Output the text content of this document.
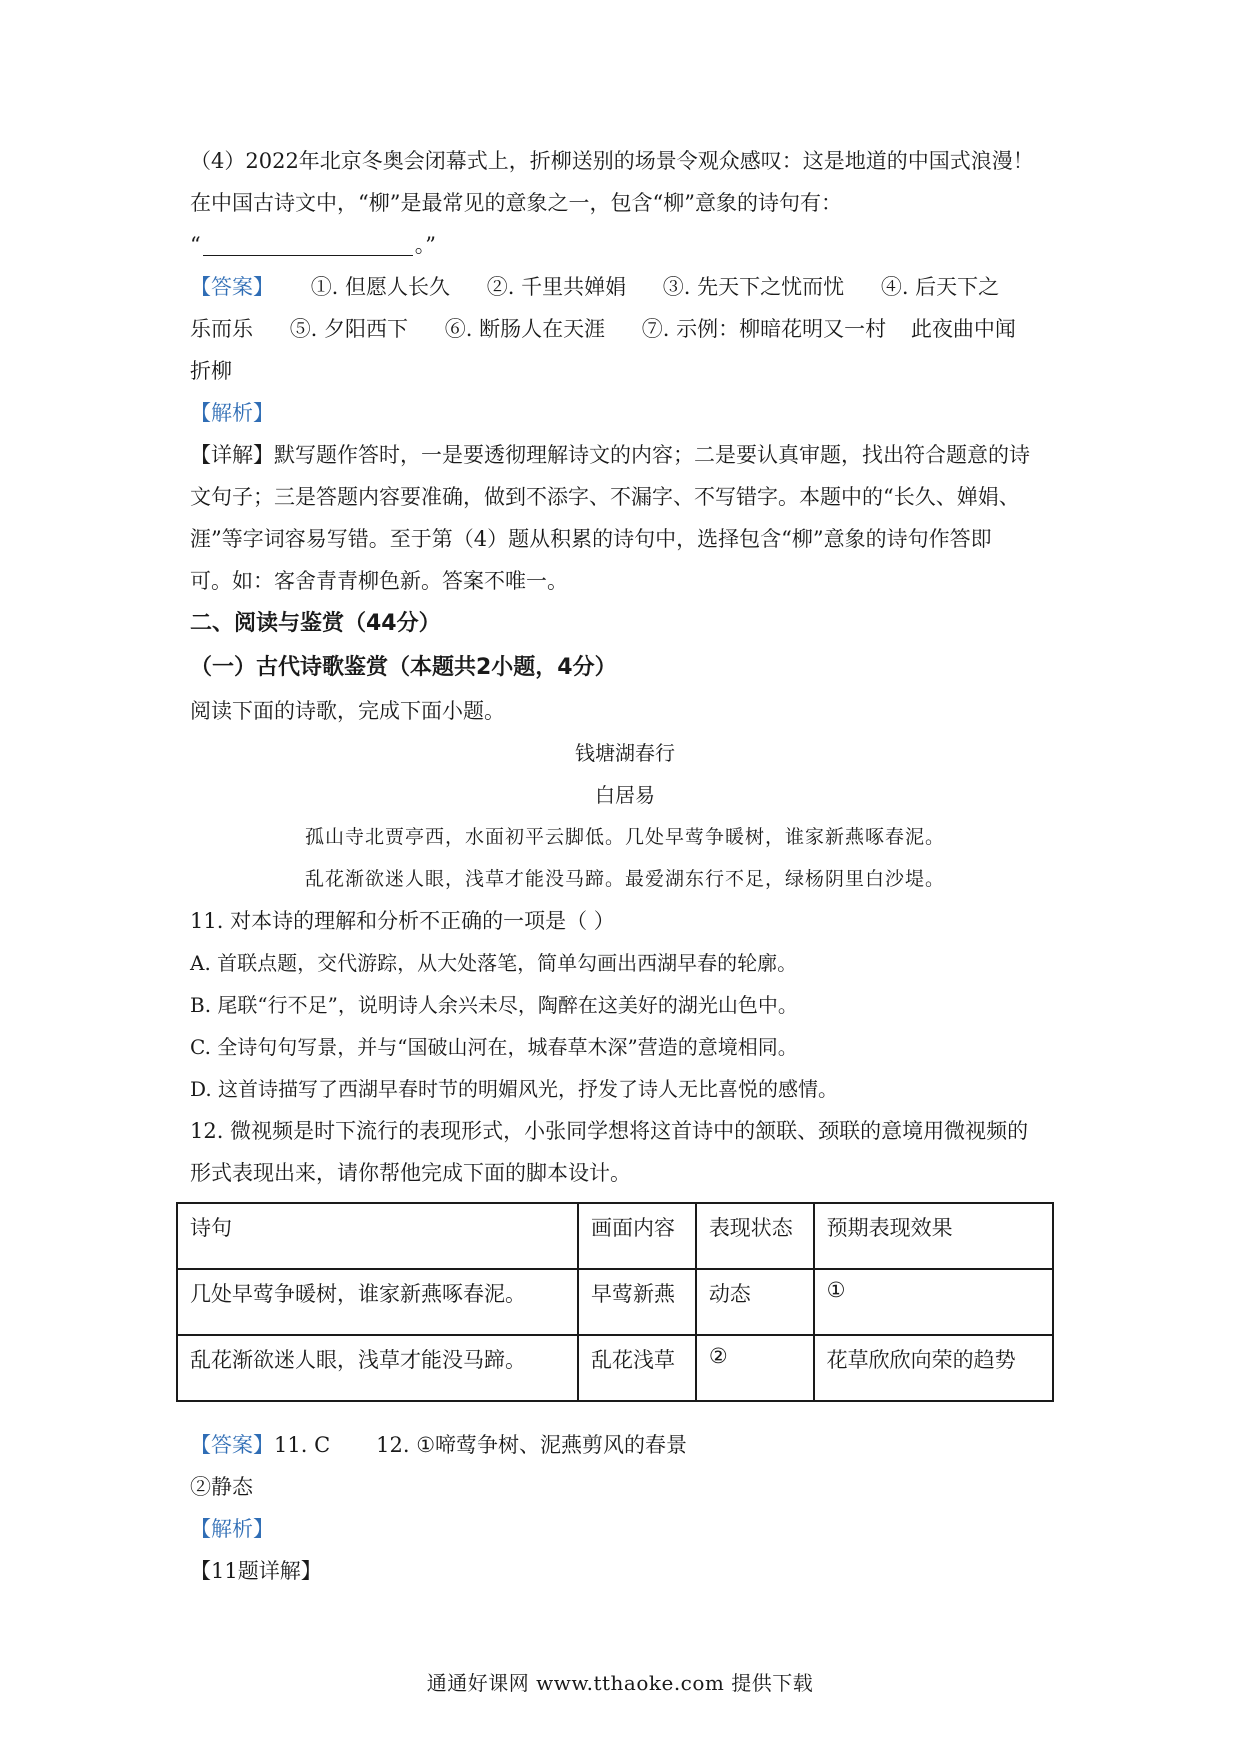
（4）2022年北京冬奥会闭幕式上，折柳送别的场景令观众感叹：这是地道的中国式浪漫！
在中国古诗文中，“柳”是最常见的意象之一，包含“柳”意象的诗句有：
“	。”
【答案】 ①. 但愿人长久 ②. 千里共婵娟 ③. 先天下之忧而忧 ④. 后天下之
乐而乐 ⑤. 夕阳西下 ⑥. 断肠人在天涯 ⑦. 示例：柳暗花明又一村 此夜曲中闻
折柳
【解析】
【详解】默写题作答时，一是要透彻理解诗文的内容；二是要认真审题，找出符合题意的诗
文句子；三是答题内容要准确，做到不添字、不漏字、不写错字。本题中的“长久、婵娟、
涯”等字词容易写错。至于第（4）题从积累的诗句中，选择包含“柳”意象的诗句作答即
可。如：客舍青青柳色新。答案不唯一。
二、阅读与鉴赏（44分）
（一）古代诗歌鉴赏（本题共2小题，4分）
阅读下面的诗歌，完成下面小题。
钱塘湖春行
白居易
孤山寺北贾亭西，水面初平云脚低。几处早莺争暖树，谁家新燕啄春泥。
乱花渐欲迷人眼，浅草才能没马蹄。最爱湖东行不足，绿杨阴里白沙堤。
11. 对本诗的理解和分析不正确的一项是（ ）
A. 首联点题，交代游踪，从大处落笔，简单勾画出西湖早春的轮廓。
B. 尾联“行不足”，说明诗人余兴未尽，陶醉在这美好的湖光山色中。
C. 全诗句句写景，并与“国破山河在，城春草木深”营造的意境相同。
D. 这首诗描写了西湖早春时节的明媚风光，抒发了诗人无比喜悦的感情。
12. 微视频是时下流行的表现形式，小张同学想将这首诗中的颔联、颈联的意境用微视频的
形式表现出来，请你帮他完成下面的脚本设计。
诗句	画面内容	表现状态	预期表现效果
几处早莺争暖树，谁家新燕啄春泥。	早莺新燕	动态	①
乱花渐欲迷人眼，浅草才能没马蹄。	乱花浅草	②	花草欣欣向荣的趋势
【答案】11. C 12. ①啼莺争树、泥燕剪风的春景
②静态
【解析】
【11题详解】
通通好课网 www.tthaoke.com 提供下载
